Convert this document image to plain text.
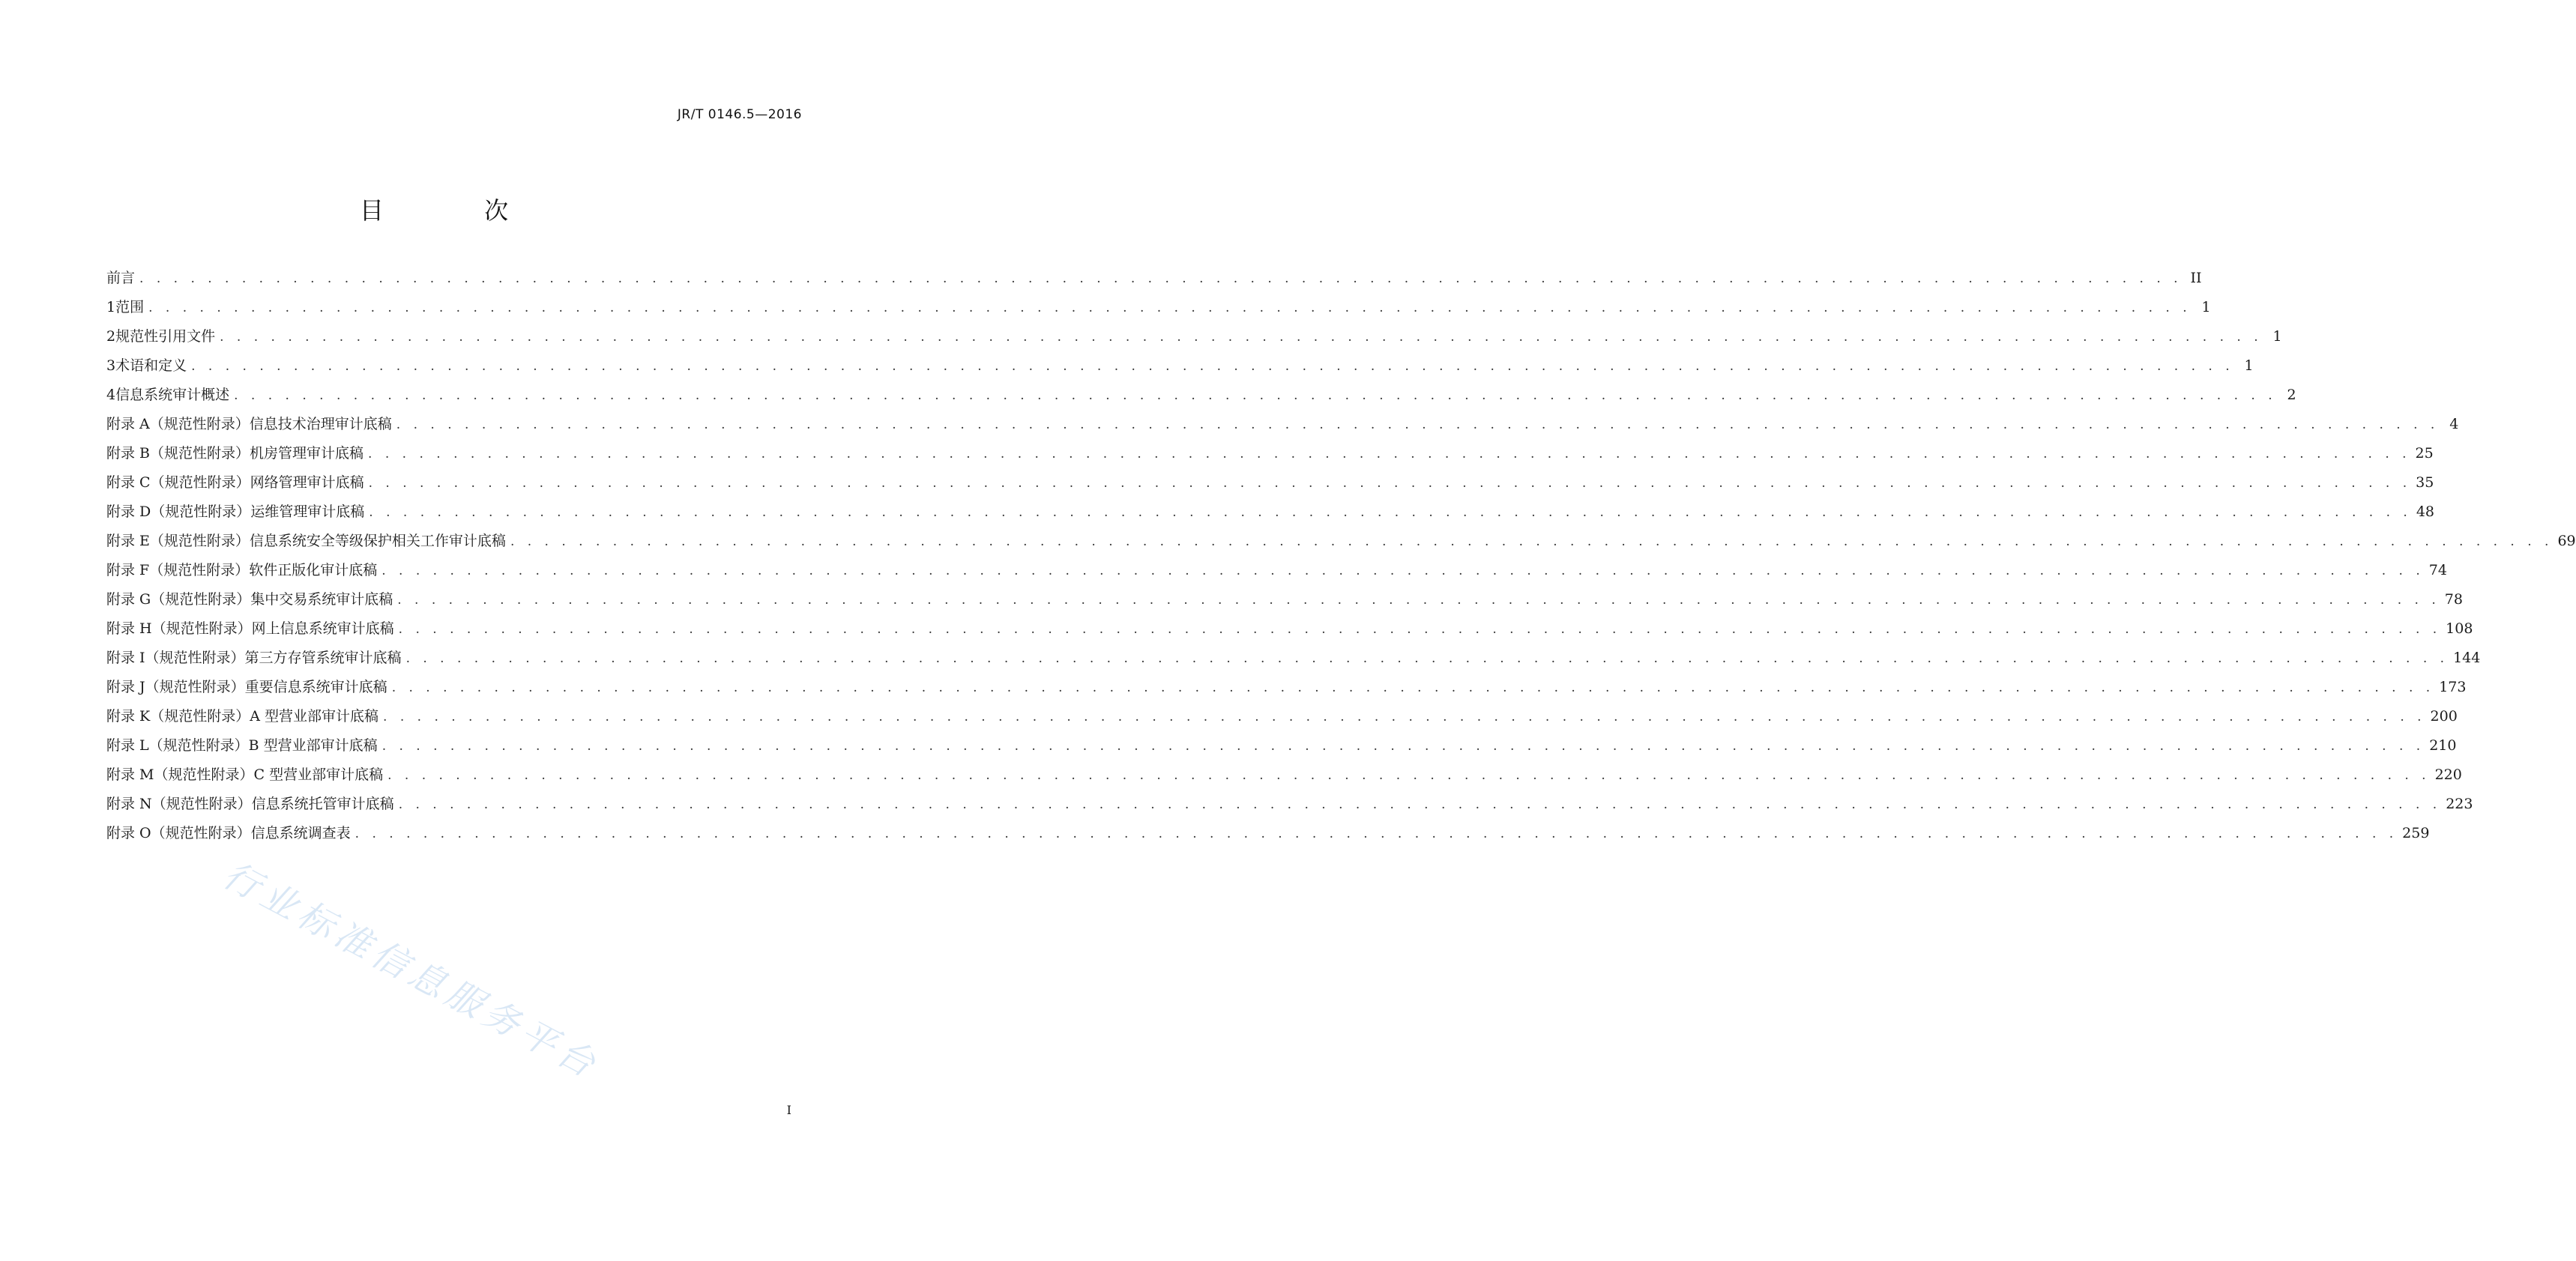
JR/T 0146.5—2016
目 次
前言 . . . . . . . . . . . . . . . . . . . . . . . . . . . . . . . . . . . . . . . . . . . . . . . . . . . . . . . . . . . . . . . . . . . . . . . . . . . . . . . . . . . . . . . . . . . . . . . . . . . . . . . . . . . . . . . . . . . . . . . . II
1 范围 . . . . . . . . . . . . . . . . . . . . . . . . . . . . . . . . . . . . . . . . . . . . . . . . . . . . . . . . . . . . . . . . . . . . . . . . . . . . . . . . . . . . . . . . . . . . . . . . . . . . . . . . . . . . . . . . . . . . . . . . 1
2 规范性引用文件 . . . . . . . . . . . . . . . . . . . . . . . . . . . . . . . . . . . . . . . . . . . . . . . . . . . . . . . . . . . . . . . . . . . . . . . . . . . . . . . . . . . . . . . . . . . . . . . . . . . . . . . . . . . . . . . . . . . . . . . . 1
3 术语和定义 . . . . . . . . . . . . . . . . . . . . . . . . . . . . . . . . . . . . . . . . . . . . . . . . . . . . . . . . . . . . . . . . . . . . . . . . . . . . . . . . . . . . . . . . . . . . . . . . . . . . . . . . . . . . . . . . . . . . . . . . 1
4 信息系统审计概述 . . . . . . . . . . . . . . . . . . . . . . . . . . . . . . . . . . . . . . . . . . . . . . . . . . . . . . . . . . . . . . . . . . . . . . . . . . . . . . . . . . . . . . . . . . . . . . . . . . . . . . . . . . . . . . . . . . . . . . . . 2
附录 A（规范性附录） 信息技术治理审计底稿 . . . . . . . . . . . . . . . . . . . . . . . . . . . . . . . . . . . . . . . . . . . . . . . . . . . . . . . . . . . . . . . . . . . . . . . . . . . . . . . . . . . . . . . . . . . . . . . . . . . . . . . . . . . . . . . . . . . . . . . . 4
附录 B（规范性附录） 机房管理审计底稿 . . . . . . . . . . . . . . . . . . . . . . . . . . . . . . . . . . . . . . . . . . . . . . . . . . . . . . . . . . . . . . . . . . . . . . . . . . . . . . . . . . . . . . . . . . . . . . . . . . . . . . . . . . . . . . . . . . . . . . . . 25
附录 C（规范性附录） 网络管理审计底稿 . . . . . . . . . . . . . . . . . . . . . . . . . . . . . . . . . . . . . . . . . . . . . . . . . . . . . . . . . . . . . . . . . . . . . . . . . . . . . . . . . . . . . . . . . . . . . . . . . . . . . . . . . . . . . . . . . . . . . . . . 35
附录 D（规范性附录） 运维管理审计底稿 . . . . . . . . . . . . . . . . . . . . . . . . . . . . . . . . . . . . . . . . . . . . . . . . . . . . . . . . . . . . . . . . . . . . . . . . . . . . . . . . . . . . . . . . . . . . . . . . . . . . . . . . . . . . . . . . . . . . . . . . 48
附录 E（规范性附录） 信息系统安全等级保护相关工作审计底稿 . . . . . . . . . . . . . . . . . . . . . . . . . . . . . . . . . . . . . . . . . . . . . . . . . . . . . . . . . . . . . . . . . . . . . . . . . . . . . . . . . . . . . . . . . . . . . . . . . . . . . . . . . . . . . . . . . . . . . . . . 69
附录 F（规范性附录） 软件正版化审计底稿 . . . . . . . . . . . . . . . . . . . . . . . . . . . . . . . . . . . . . . . . . . . . . . . . . . . . . . . . . . . . . . . . . . . . . . . . . . . . . . . . . . . . . . . . . . . . . . . . . . . . . . . . . . . . . . . . . . . . . . . . 74
附录 G（规范性附录） 集中交易系统审计底稿 . . . . . . . . . . . . . . . . . . . . . . . . . . . . . . . . . . . . . . . . . . . . . . . . . . . . . . . . . . . . . . . . . . . . . . . . . . . . . . . . . . . . . . . . . . . . . . . . . . . . . . . . . . . . . . . . . . . . . . . . 78
附录 H（规范性附录） 网上信息系统审计底稿 . . . . . . . . . . . . . . . . . . . . . . . . . . . . . . . . . . . . . . . . . . . . . . . . . . . . . . . . . . . . . . . . . . . . . . . . . . . . . . . . . . . . . . . . . . . . . . . . . . . . . . . . . . . . . . . . . . . . . . . . 108
附录 I（规范性附录） 第三方存管系统审计底稿 . . . . . . . . . . . . . . . . . . . . . . . . . . . . . . . . . . . . . . . . . . . . . . . . . . . . . . . . . . . . . . . . . . . . . . . . . . . . . . . . . . . . . . . . . . . . . . . . . . . . . . . . . . . . . . . . . . . . . . . . 144
附录 J（规范性附录） 重要信息系统审计底稿 . . . . . . . . . . . . . . . . . . . . . . . . . . . . . . . . . . . . . . . . . . . . . . . . . . . . . . . . . . . . . . . . . . . . . . . . . . . . . . . . . . . . . . . . . . . . . . . . . . . . . . . . . . . . . . . . . . . . . . . . 173
附录 K（规范性附录） A 型营业部审计底稿 . . . . . . . . . . . . . . . . . . . . . . . . . . . . . . . . . . . . . . . . . . . . . . . . . . . . . . . . . . . . . . . . . . . . . . . . . . . . . . . . . . . . . . . . . . . . . . . . . . . . . . . . . . . . . . . . . . . . . . . . 200
附录 L（规范性附录） B 型营业部审计底稿 . . . . . . . . . . . . . . . . . . . . . . . . . . . . . . . . . . . . . . . . . . . . . . . . . . . . . . . . . . . . . . . . . . . . . . . . . . . . . . . . . . . . . . . . . . . . . . . . . . . . . . . . . . . . . . . . . . . . . . . . 210
附录 M（规范性附录） C 型营业部审计底稿 . . . . . . . . . . . . . . . . . . . . . . . . . . . . . . . . . . . . . . . . . . . . . . . . . . . . . . . . . . . . . . . . . . . . . . . . . . . . . . . . . . . . . . . . . . . . . . . . . . . . . . . . . . . . . . . . . . . . . . . . 220
附录 N（规范性附录） 信息系统托管审计底稿 . . . . . . . . . . . . . . . . . . . . . . . . . . . . . . . . . . . . . . . . . . . . . . . . . . . . . . . . . . . . . . . . . . . . . . . . . . . . . . . . . . . . . . . . . . . . . . . . . . . . . . . . . . . . . . . . . . . . . . . . 223
附录 O（规范性附录） 信息系统调查表 . . . . . . . . . . . . . . . . . . . . . . . . . . . . . . . . . . . . . . . . . . . . . . . . . . . . . . . . . . . . . . . . . . . . . . . . . . . . . . . . . . . . . . . . . . . . . . . . . . . . . . . . . . . . . . . . . . . . . . . . 259
I
行业标准信息服务平台
